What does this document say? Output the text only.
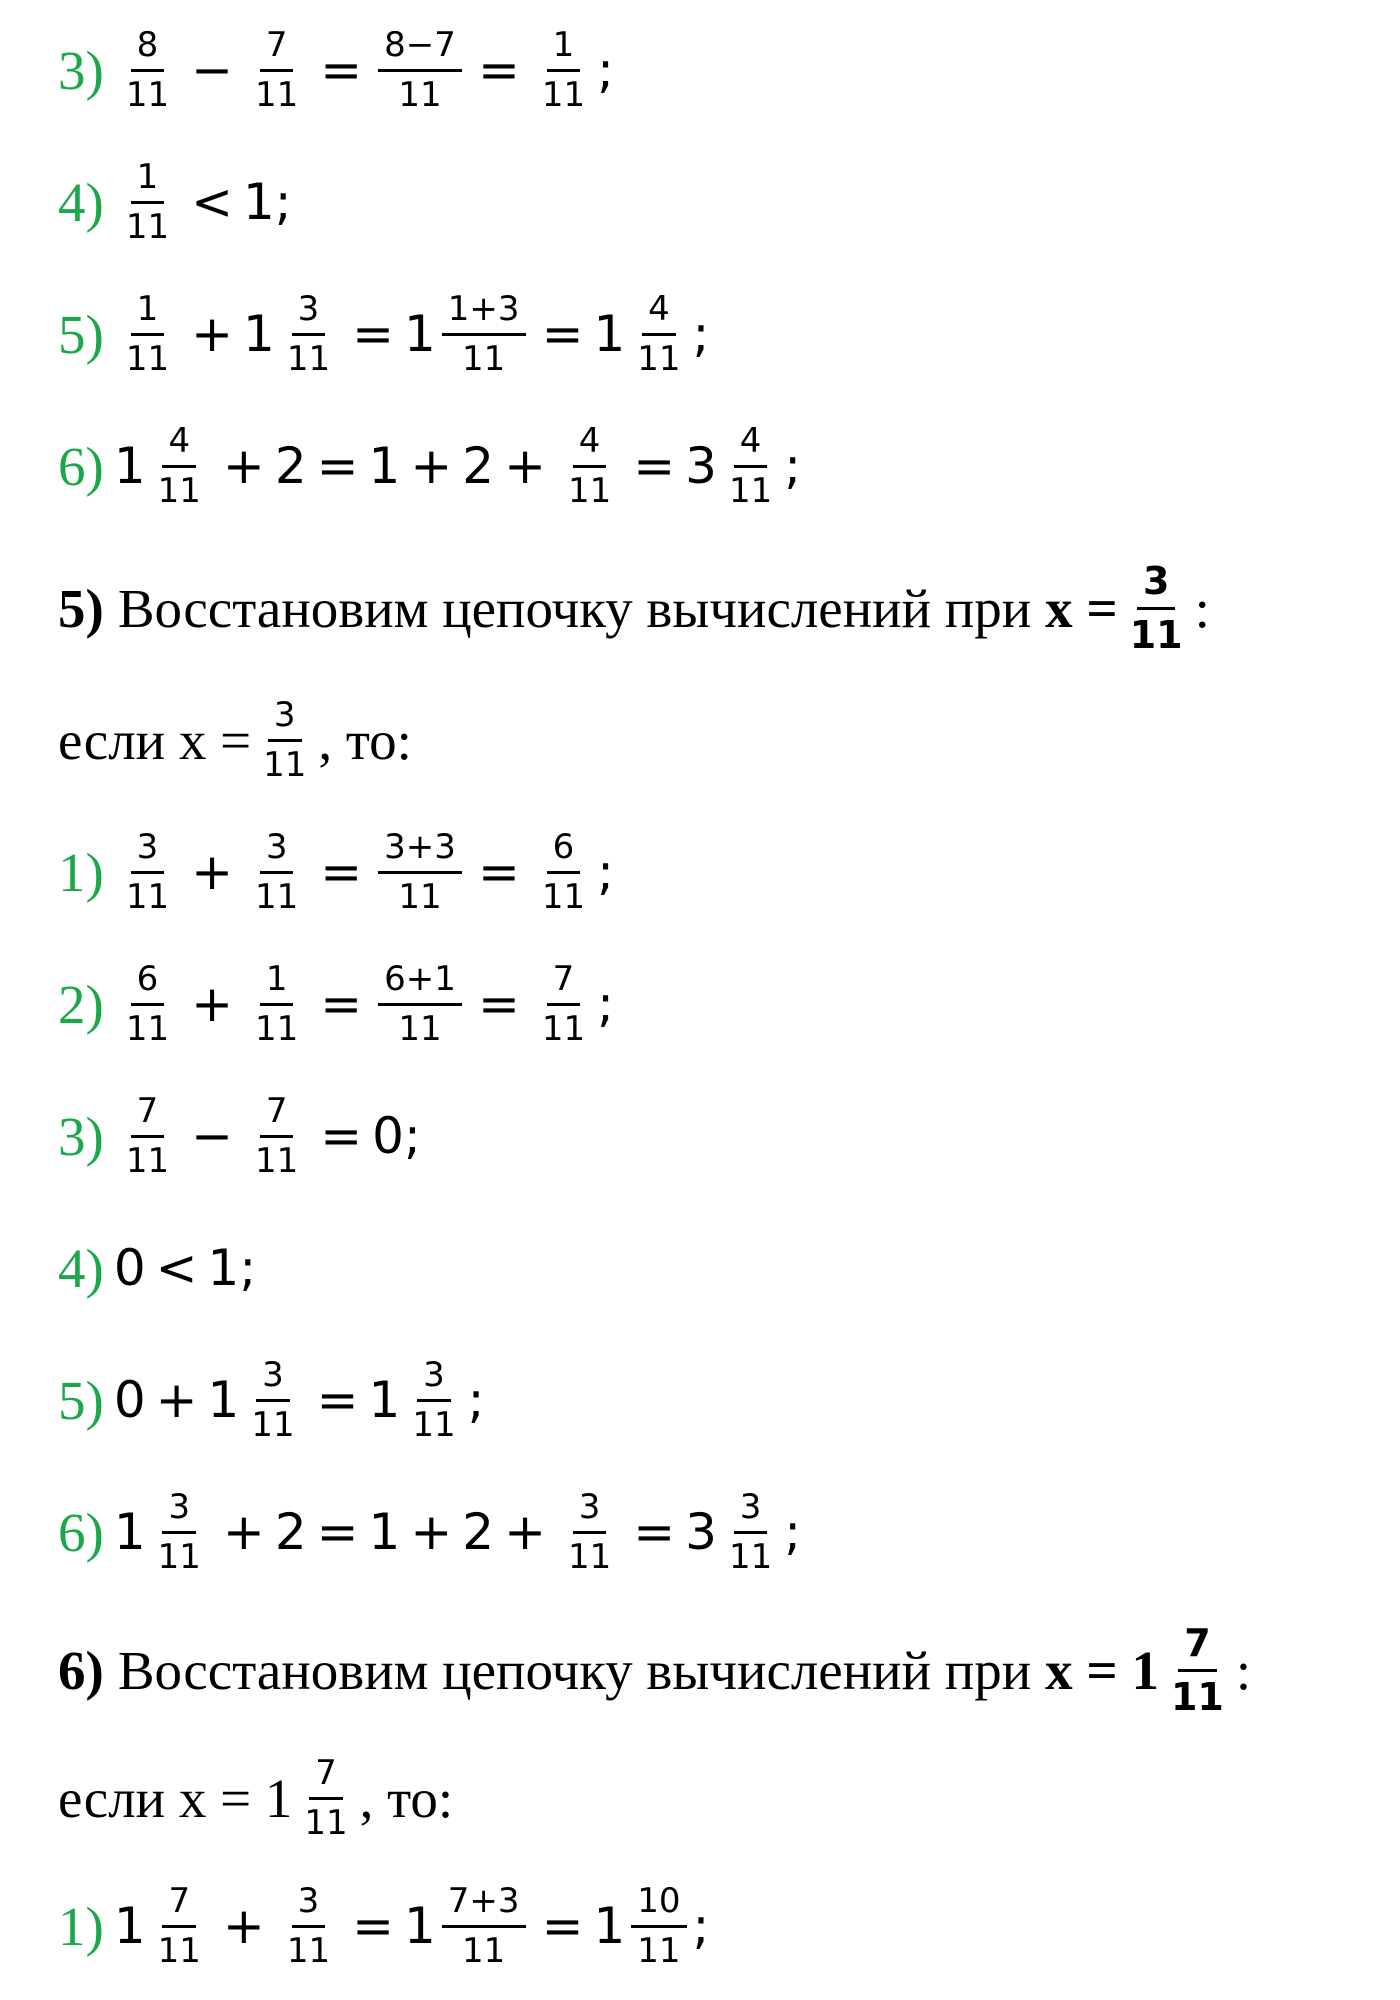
$3) \frac{8}{11} - \frac{7}{11} = \frac{8-7}{11} = \frac{1}{11}$ ;
$4) \frac{1}{11} < 1$;
$5) \frac{1}{11} + 1 \frac{3}{11} = 1 \frac{1+3}{11} = 1 \frac{4}{11}$ ;
6) $1 \frac{4}{11} + 2 = 1 + 2 + \frac{4}{11} = 3 \frac{4}{11}$ ;
5) Восстановим цепочку вычислений при $x = \frac{3}{11}$ :
если $x = \frac{3}{11}$ , то:
$1) \frac{3}{11} + \frac{3}{11} = \frac{3+3}{11} = \frac{6}{11}$ ;
$2) \frac{6}{11} + \frac{1}{11} = \frac{6+1}{11} = \frac{7}{11}$ ;
$3) \frac{7}{11} - \frac{7}{11} = 0$;
4) 0 < 1;
5) $0 + 1 \frac{3}{11} = 1 \frac{3}{11}$ ;
6) $1 \frac{3}{11} + 2 = 1 + 2 + \frac{3}{11} = 3 \frac{3}{11}$ ;
6) Восстановим цепочку вычислений при $x = 1 \frac{7}{11}$ :
если $x = 1 \frac{7}{11}$ , то:
1) $1 \frac{7}{11} + \frac{3}{11} = 1 \frac{7+3}{11} = 1 \frac{10}{11}$ ;
